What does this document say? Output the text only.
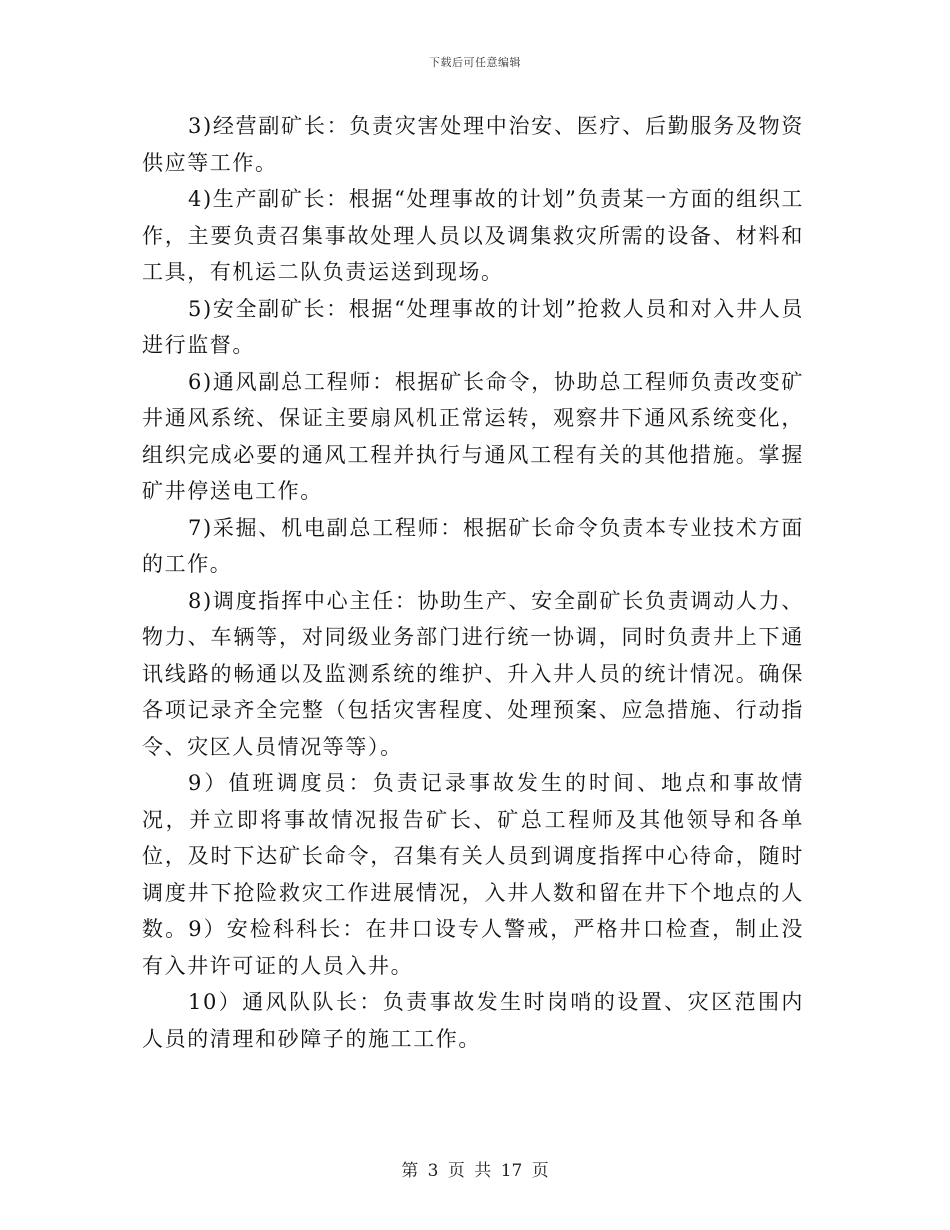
下载后可任意编辑

3)经营副矿长：负责灾害处理中治安、医疗、后勤服务及物资供应等工作。

4)生产副矿长：根据“处理事故的计划”负责某一方面的组织工作，主要负责召集事故处理人员以及调集救灾所需的设备、材料和工具，有机运二队负责运送到现场。

5)安全副矿长：根据“处理事故的计划”抢救人员和对入井人员进行监督。

6)通风副总工程师：根据矿长命令，协助总工程师负责改变矿井通风系统、保证主要扇风机正常运转，观察井下通风系统变化，组织完成必要的通风工程并执行与通风工程有关的其他措施。掌握矿井停送电工作。

7)采掘、机电副总工程师：根据矿长命令负责本专业技术方面的工作。

8)调度指挥中心主任：协助生产、安全副矿长负责调动人力、物力、车辆等，对同级业务部门进行统一协调，同时负责井上下通讯线路的畅通以及监测系统的维护、升入井人员的统计情况。确保各项记录齐全完整（包括灾害程度、处理预案、应急措施、行动指令、灾区人员情况等等）。

9）值班调度员：负责记录事故发生的时间、地点和事故情况，并立即将事故情况报告矿长、矿总工程师及其他领导和各单位，及时下达矿长命令，召集有关人员到调度指挥中心待命，随时调度井下抢险救灾工作进展情况，入井人数和留在井下个地点的人数。9）安检科科长：在井口设专人警戒，严格井口检查，制止没有入井许可证的人员入井。

10）通风队队长：负责事故发生时岗哨的设置、灾区范围内人员的清理和砂障子的施工工作。

第 3 页 共 17 页
